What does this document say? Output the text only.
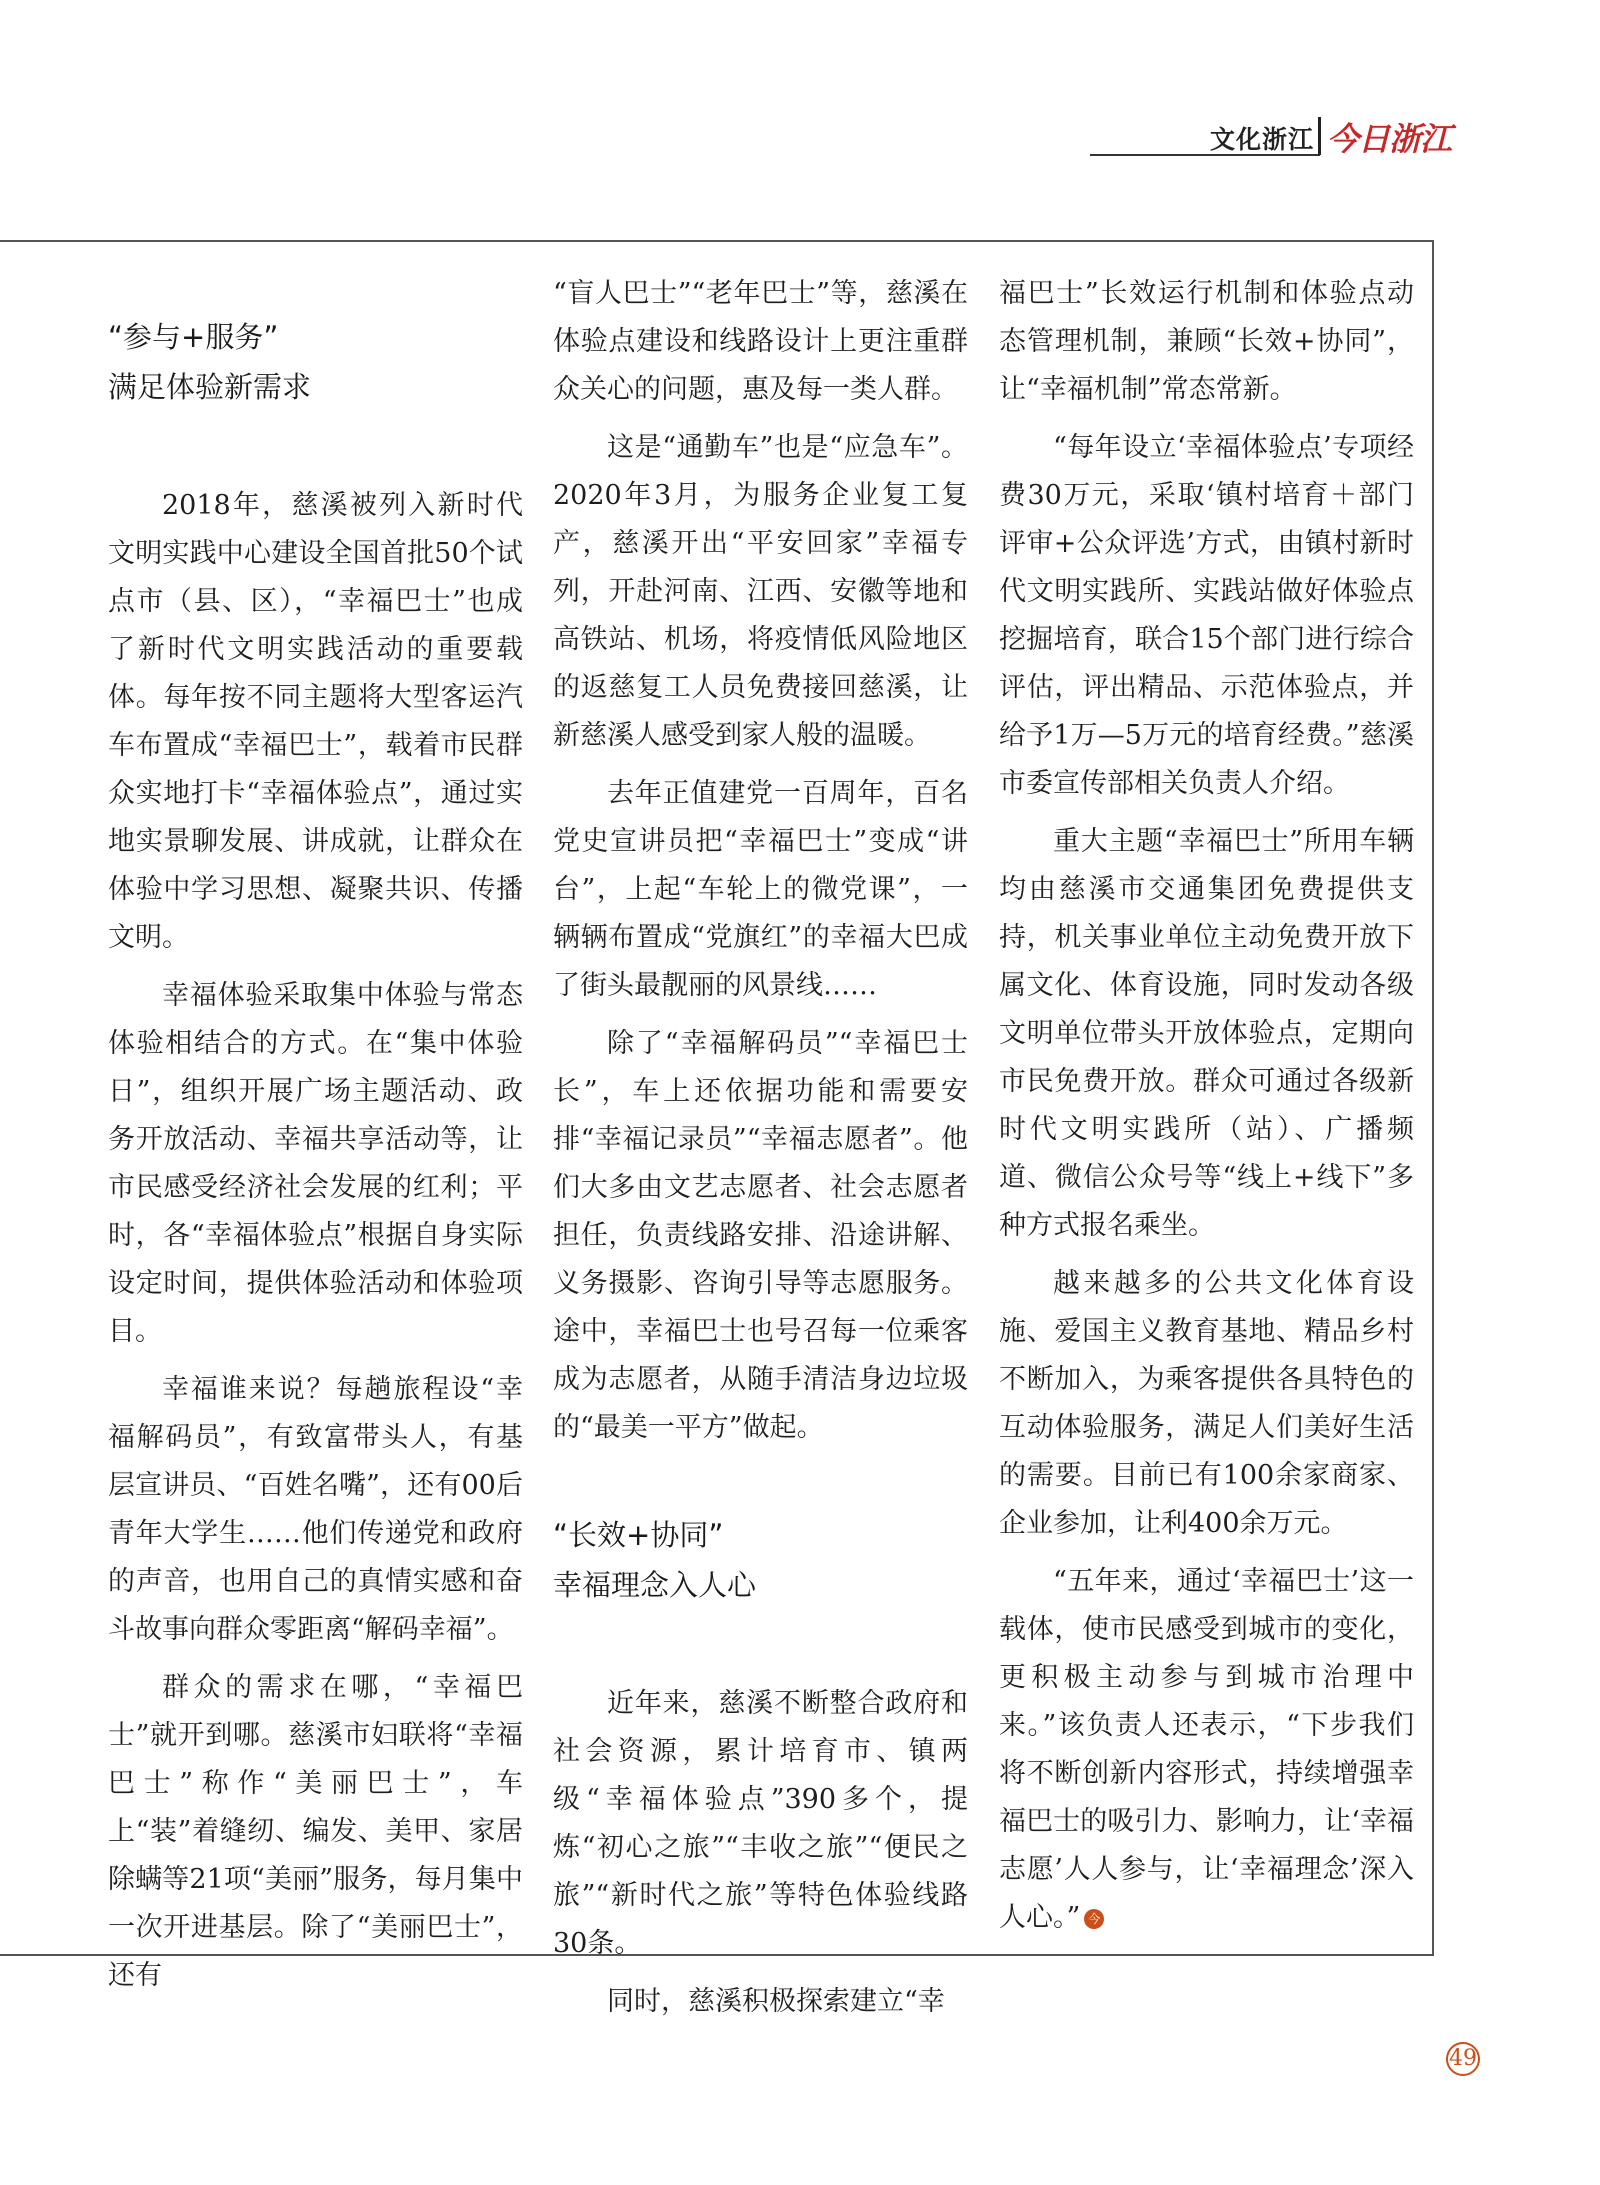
文化浙江 今日浙江
“参与+服务”
满足体验新需求

2018年，慈溪被列入新时代文明实践中心建设全国首批50个试点市（县、区），“幸福巴士”也成了新时代文明实践活动的重要载体。每年按不同主题将大型客运汽车布置成“幸福巴士”，载着市民群众实地打卡“幸福体验点”，通过实地实景聊发展、讲成就，让群众在体验中学习思想、凝聚共识、传播文明。

幸福体验采取集中体验与常态体验相结合的方式。在“集中体验日”，组织开展广场主题活动、政务开放活动、幸福共享活动等，让市民感受经济社会发展的红利；平时，各“幸福体验点”根据自身实际设定时间，提供体验活动和体验项目。

幸福谁来说？每趟旅程设“幸福解码员”，有致富带头人，有基层宣讲员、“百姓名嘴”，还有00后青年大学生……他们传递党和政府的声音，也用自己的真情实感和奋斗故事向群众零距离“解码幸福”。

群众的需求在哪，“幸福巴士”就开到哪。慈溪市妇联将“幸福巴士”称作“美丽巴士”，车上“装”着缝纫、编发、美甲、家居除螨等21项“美丽”服务，每月集中一次开进基层。除了“美丽巴士”，还有

“盲人巴士”“老年巴士”等，慈溪在体验点建设和线路设计上更注重群众关心的问题，惠及每一类人群。

这是“通勤车”也是“应急车”。2020年3月，为服务企业复工复产，慈溪开出“平安回家”幸福专列，开赴河南、江西、安徽等地和高铁站、机场，将疫情低风险地区的返慈复工人员免费接回慈溪，让新慈溪人感受到家人般的温暖。

去年正值建党一百周年，百名党史宣讲员把“幸福巴士”变成“讲台”，上起“车轮上的微党课”，一辆辆布置成“党旗红”的幸福大巴成了街头最靓丽的风景线……

除了“幸福解码员”“幸福巴士长”，车上还依据功能和需要安排“幸福记录员”“幸福志愿者”。他们大多由文艺志愿者、社会志愿者担任，负责线路安排、沿途讲解、义务摄影、咨询引导等志愿服务。途中，幸福巴士也号召每一位乘客成为志愿者，从随手清洁身边垃圾的“最美一平方”做起。

“长效+协同”
幸福理念入人心

近年来，慈溪不断整合政府和社会资源，累计培育市、镇两级“幸福体验点”390多个，提炼“初心之旅”“丰收之旅”“便民之旅”“新时代之旅”等特色体验线路30条。

同时，慈溪积极探索建立“幸

福巴士”长效运行机制和体验点动态管理机制，兼顾“长效+协同”，让“幸福机制”常态常新。

“每年设立‘幸福体验点’专项经费30万元，采取‘镇村培育＋部门评审+公众评选’方式，由镇村新时代文明实践所、实践站做好体验点挖掘培育，联合15个部门进行综合评估，评出精品、示范体验点，并给予1万—5万元的培育经费。”慈溪市委宣传部相关负责人介绍。

重大主题“幸福巴士”所用车辆均由慈溪市交通集团免费提供支持，机关事业单位主动免费开放下属文化、体育设施，同时发动各级文明单位带头开放体验点，定期向市民免费开放。群众可通过各级新时代文明实践所（站）、广播频道、微信公众号等“线上+线下”多种方式报名乘坐。

越来越多的公共文化体育设施、爱国主义教育基地、精品乡村不断加入，为乘客提供各具特色的互动体验服务，满足人们美好生活的需要。目前已有100余家商家、企业参加，让利400余万元。

“五年来，通过‘幸福巴士’这一载体，使市民感受到城市的变化，更积极主动参与到城市治理中来。”该负责人还表示，“下步我们将不断创新内容形式，持续增强幸福巴士的吸引力、影响力，让‘幸福志愿’人人参与，让‘幸福理念’深入人心。” 今

49
